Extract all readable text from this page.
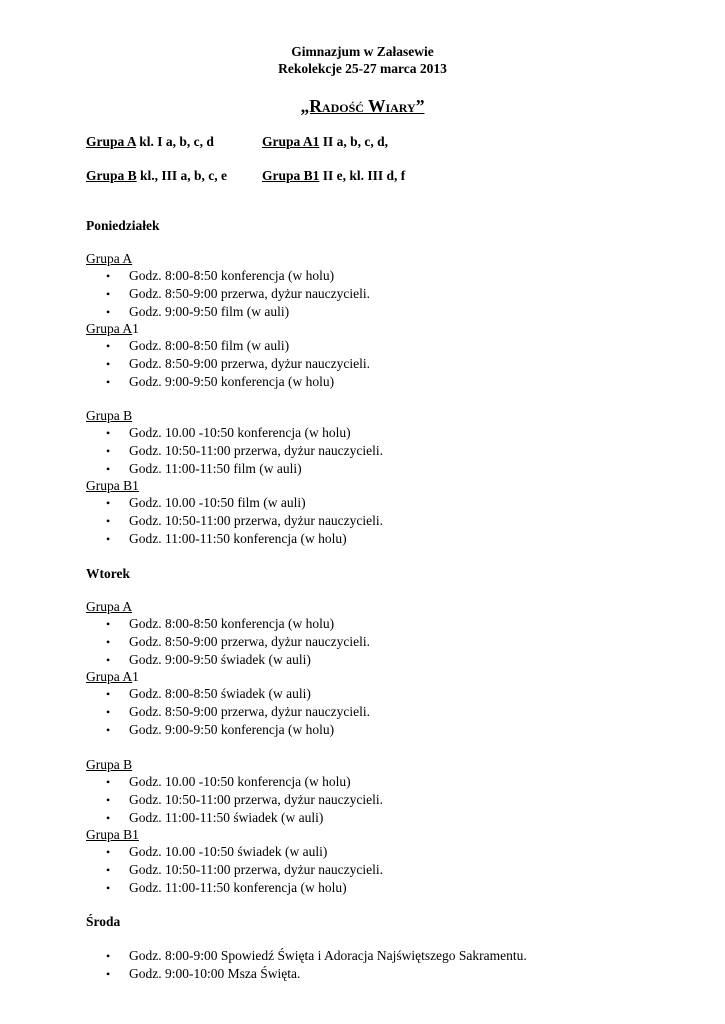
Gimnazjum w Załasewie
Rekolekcje 25-27 marca 2013
„Radość Wiary”
Grupa A kl. I a, b, c, d	Grupa A1 II a, b, c, d,
Grupa B kl., III a, b, c, e	Grupa B1 II e, kl. III d, f
Poniedziałek
Grupa A
• Godz. 8:00-8:50 konferencja (w holu)
• Godz. 8:50-9:00 przerwa, dyżur nauczycieli.
• Godz. 9:00-9:50 film (w auli)
Grupa A1
• Godz. 8:00-8:50 film (w auli)
• Godz. 8:50-9:00 przerwa, dyżur nauczycieli.
• Godz. 9:00-9:50 konferencja (w holu)
Grupa B
• Godz. 10.00 -10:50 konferencja (w holu)
• Godz. 10:50-11:00 przerwa, dyżur nauczycieli.
• Godz. 11:00-11:50 film (w auli)
Grupa B1
• Godz. 10.00 -10:50 film (w auli)
• Godz. 10:50-11:00 przerwa, dyżur nauczycieli.
• Godz. 11:00-11:50 konferencja (w holu)
Wtorek
Grupa A
• Godz. 8:00-8:50 konferencja (w holu)
• Godz. 8:50-9:00 przerwa, dyżur nauczycieli.
• Godz. 9:00-9:50 świadek (w auli)
Grupa A1
• Godz. 8:00-8:50 świadek (w auli)
• Godz. 8:50-9:00 przerwa, dyżur nauczycieli.
• Godz. 9:00-9:50 konferencja (w holu)
Grupa B
• Godz. 10.00 -10:50 konferencja (w holu)
• Godz. 10:50-11:00 przerwa, dyżur nauczycieli.
• Godz. 11:00-11:50 świadek (w auli)
Grupa B1
• Godz. 10.00 -10:50 świadek (w auli)
• Godz. 10:50-11:00 przerwa, dyżur nauczycieli.
• Godz. 11:00-11:50 konferencja (w holu)
Środa
• Godz. 8:00-9:00 Spowiedź Święta i Adoracja Najświętszego Sakramentu.
• Godz. 9:00-10:00 Msza Święta.
